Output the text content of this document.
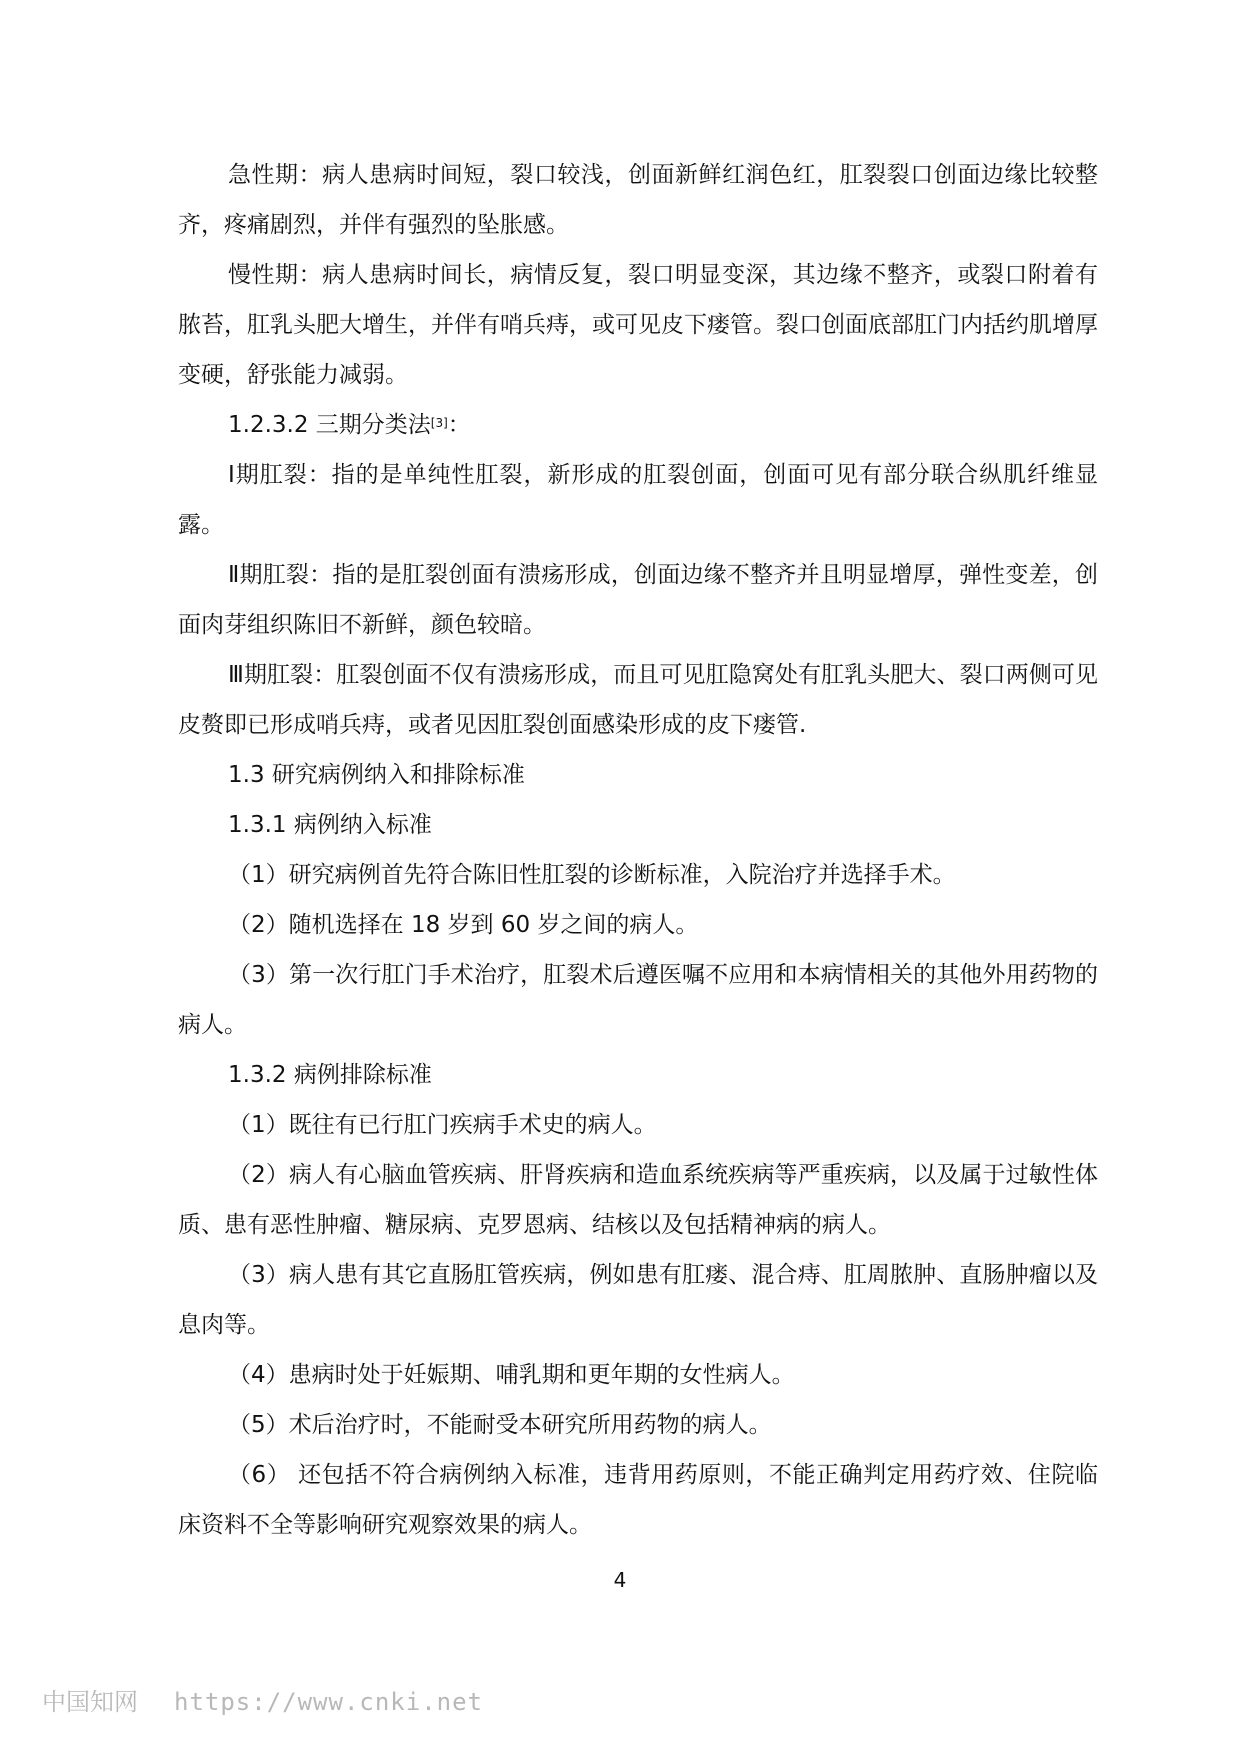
急性期：病人患病时间短，裂口较浅，创面新鲜红润色红，肛裂裂口创面边缘比较整齐，疼痛剧烈，并伴有强烈的坠胀感。

慢性期：病人患病时间长，病情反复，裂口明显变深，其边缘不整齐，或裂口附着有脓苔，肛乳头肥大增生，并伴有哨兵痔，或可见皮下瘘管。裂口创面底部肛门内括约肌增厚变硬，舒张能力减弱。

1.2.3.2 三期分类法[3]：

Ⅰ期肛裂：指的是单纯性肛裂，新形成的肛裂创面，创面可见有部分联合纵肌纤维显露。

Ⅱ期肛裂：指的是肛裂创面有溃疡形成，创面边缘不整齐并且明显增厚，弹性变差，创面肉芽组织陈旧不新鲜，颜色较暗。

Ⅲ期肛裂：肛裂创面不仅有溃疡形成，而且可见肛隐窝处有肛乳头肥大、裂口两侧可见皮赘即已形成哨兵痔，或者见因肛裂创面感染形成的皮下瘘管.

1.3 研究病例纳入和排除标准

1.3.1 病例纳入标准

（1）研究病例首先符合陈旧性肛裂的诊断标准，入院治疗并选择手术。

（2）随机选择在 18 岁到 60 岁之间的病人。

（3）第一次行肛门手术治疗，肛裂术后遵医嘱不应用和本病情相关的其他外用药物的病人。

1.3.2 病例排除标准

（1）既往有已行肛门疾病手术史的病人。

（2）病人有心脑血管疾病、肝肾疾病和造血系统疾病等严重疾病，以及属于过敏性体质、患有恶性肿瘤、糖尿病、克罗恩病、结核以及包括精神病的病人。

（3）病人患有其它直肠肛管疾病，例如患有肛瘘、混合痔、肛周脓肿、直肠肿瘤以及息肉等。

（4）患病时处于妊娠期、哺乳期和更年期的女性病人。

（5）术后治疗时，不能耐受本研究所用药物的病人。

（6） 还包括不符合病例纳入标准，违背用药原则，不能正确判定用药疗效、住院临床资料不全等影响研究观察效果的病人。

4
中国知网 https://www.cnki.net
